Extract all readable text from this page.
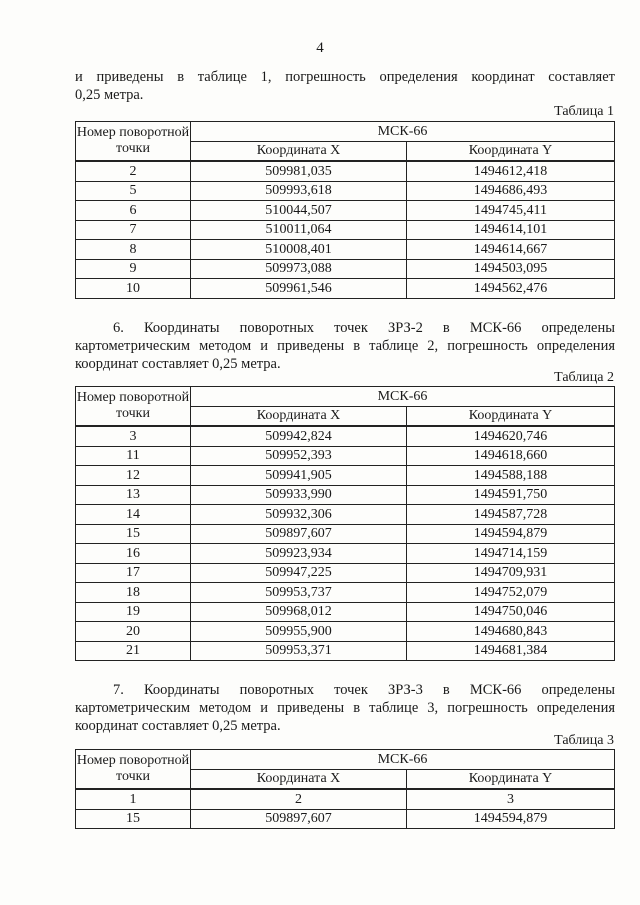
4
и приведены в таблице 1, погрешность определения координат составляет
0,25 метра.
Таблица 1
Номер поворотной точки	МСК-66	
	Координата X	Координата Y
2	509981,035	1494612,418
5	509993,618	1494686,493
6	510044,507	1494745,411
7	510011,064	1494614,101
8	510008,401	1494614,667
9	509973,088	1494503,095
10	509961,546	1494562,476
6. Координаты поворотных точек ЗРЗ-2 в МСК-66 определены
картометрическим методом и приведены в таблице 2, погрешность определения
координат составляет 0,25 метра.
Таблица 2
Номер поворотной точки	МСК-66	
	Координата X	Координата Y
3	509942,824	1494620,746
11	509952,393	1494618,660
12	509941,905	1494588,188
13	509933,990	1494591,750
14	509932,306	1494587,728
15	509897,607	1494594,879
16	509923,934	1494714,159
17	509947,225	1494709,931
18	509953,737	1494752,079
19	509968,012	1494750,046
20	509955,900	1494680,843
21	509953,371	1494681,384
7. Координаты поворотных точек ЗРЗ-3 в МСК-66 определены
картометрическим методом и приведены в таблице 3, погрешность определения
координат составляет 0,25 метра.
Таблица 3
Номер поворотной точки	МСК-66	
	Координата X	Координата Y
1	2	3
15	509897,607	1494594,879
